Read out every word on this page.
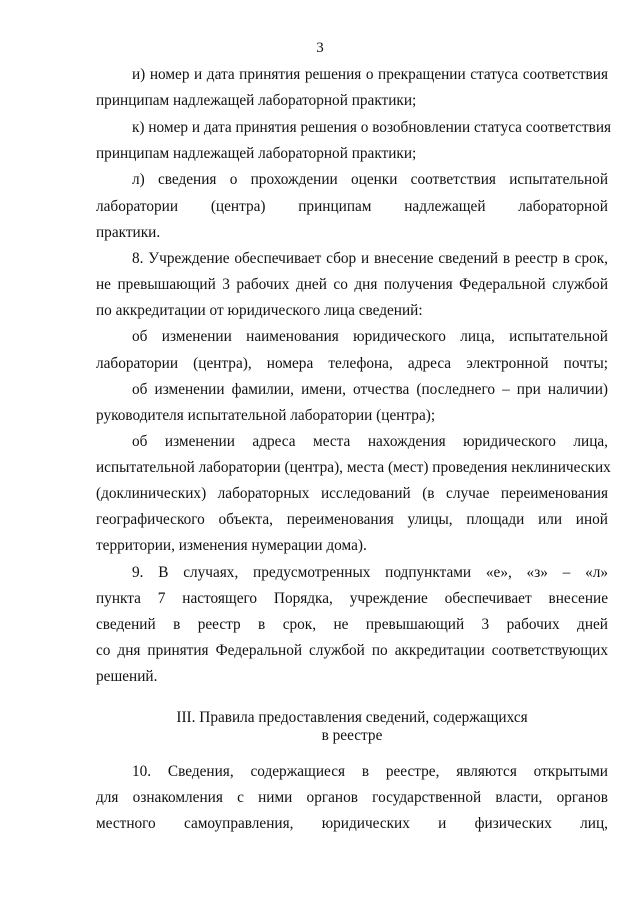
3
и) номер и дата принятия решения о прекращении статуса соответствия
принципам надлежащей лабораторной практики;
к) номер и дата принятия решения о возобновлении статуса соответствия
принципам надлежащей лабораторной практики;
л) сведения о прохождении оценки соответствия испытательной
лаборатории (центра) принципам надлежащей лабораторной
практики.
8. Учреждение обеспечивает сбор и внесение сведений в реестр в срок,
не превышающий 3 рабочих дней со дня получения Федеральной службой
по аккредитации от юридического лица сведений:
об изменении наименования юридического лица, испытательной
лаборатории (центра), номера телефона, адреса электронной почты;
об изменении фамилии, имени, отчества (последнего – при наличии)
руководителя испытательной лаборатории (центра);
об изменении адреса места нахождения юридического лица,
испытательной лаборатории (центра), места (мест) проведения неклинических
(доклинических) лабораторных исследований (в случае переименования
географического объекта, переименования улицы, площади или иной
территории, изменения нумерации дома).
9. В случаях, предусмотренных подпунктами «е», «з» – «л»
пункта 7 настоящего Порядка, учреждение обеспечивает внесение
сведений в реестр в срок, не превышающий 3 рабочих дней
со дня принятия Федеральной службой по аккредитации соответствующих
решений.
III. Правила предоставления сведений, содержащихся
в реестре
10. Сведения, содержащиеся в реестре, являются открытыми
для ознакомления с ними органов государственной власти, органов
местного самоуправления, юридических и физических лиц,
